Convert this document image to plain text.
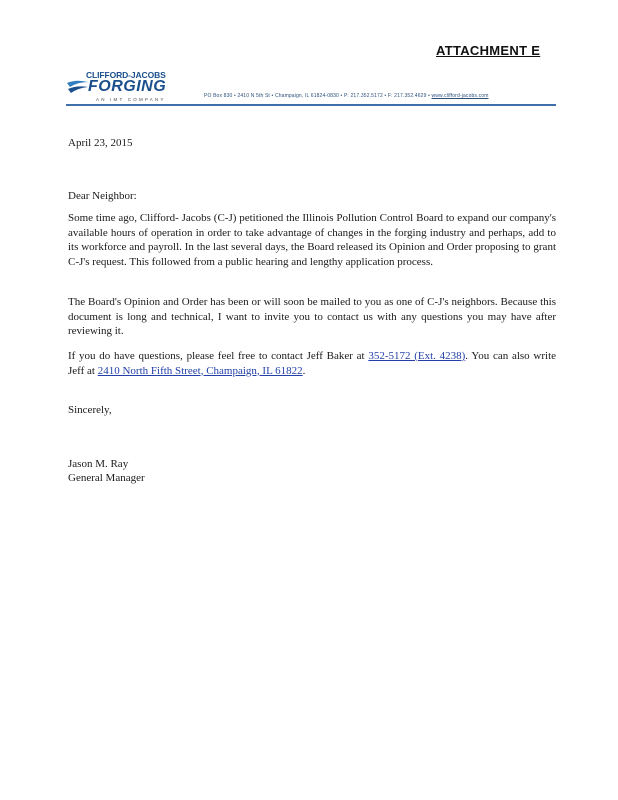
ATTACHMENT E
CLIFFORD-JACOBS
FORGING
AN IMT COMPANY
PO Box 830 • 2410 N 5th St • Champaign, IL 61824-0830 • P: 217.352.5172 • F: 217.352.4629 • www.clifford-jacobs.com
April 23, 2015
Dear Neighbor:
Some time ago, Clifford- Jacobs (C-J) petitioned the Illinois Pollution Control Board to expand our company's available hours of operation in order to take advantage of changes in the forging industry and perhaps, add to its workforce and payroll. In the last several days, the Board released its Opinion and Order proposing to grant C-J's request. This followed from a public hearing and lengthy application process.
The Board's Opinion and Order has been or will soon be mailed to you as one of C-J's neighbors. Because this document is long and technical, I want to invite you to contact us with any questions you may have after reviewing it.
If you do have questions, please feel free to contact Jeff Baker at 352-5172 (Ext. 4238). You can also write Jeff at 2410 North Fifth Street, Champaign, IL 61822.
Sincerely,
Jason M. Ray
General Manager
